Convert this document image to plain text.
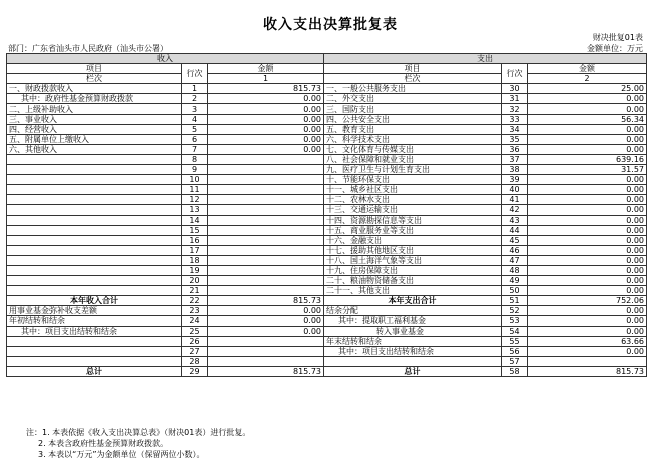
收入支出决算批复表
财决批复01表
部门：广东省汕头市人民政府（汕头市公署）	金额单位：万元
收入			支出		
项目	行次	金额	项目	行次	金额
栏次		1	栏次		2
一、财政拨款收入	1	815.73	一、一般公共服务支出	30	25.00
其中：政府性基金预算财政拨款	2	0.00	二、外交支出	31	0.00
二、上级补助收入	3	0.00	三、国防支出	32	0.00
三、事业收入	4	0.00	四、公共安全支出	33	56.34
四、经营收入	5	0.00	五、教育支出	34	0.00
五、附属单位上缴收入	6	0.00	六、科学技术支出	35	0.00
六、其他收入	7	0.00	七、文化体育与传媒支出	36	0.00
	8		八、社会保障和就业支出	37	639.16
	9		九、医疗卫生与计划生育支出	38	31.57
	10		十、节能环保支出	39	0.00
	11		十一、城乡社区支出	40	0.00
	12		十二、农林水支出	41	0.00
	13		十三、交通运输支出	42	0.00
	14		十四、资源勘探信息等支出	43	0.00
	15		十五、商业服务业等支出	44	0.00
	16		十六、金融支出	45	0.00
	17		十七、援助其他地区支出	46	0.00
	18		十八、国土海洋气象等支出	47	0.00
	19		十九、住房保障支出	48	0.00
	20		二十、粮油物资储备支出	49	0.00
	21		二十一、其他支出	50	0.00
本年收入合计	22	815.73	本年支出合计	51	752.06
用事业基金弥补收支差额	23	0.00	结余分配	52	0.00
年初结转和结余	24	0.00	其中：提取职工福利基金	53	0.00
其中：项目支出结转和结余	25	0.00	转入事业基金	54	0.00
	26		年末结转和结余	55	63.66
	27		其中：项目支出结转和结余	56	0.00
	28			57	
总计	29	815.73	总计	58	815.73
注：1. 本表依据《收入支出决算总表》（财决01表）进行批复。
2. 本表含政府性基金预算财政拨款。
3. 本表以“万元”为金额单位（保留两位小数）。
